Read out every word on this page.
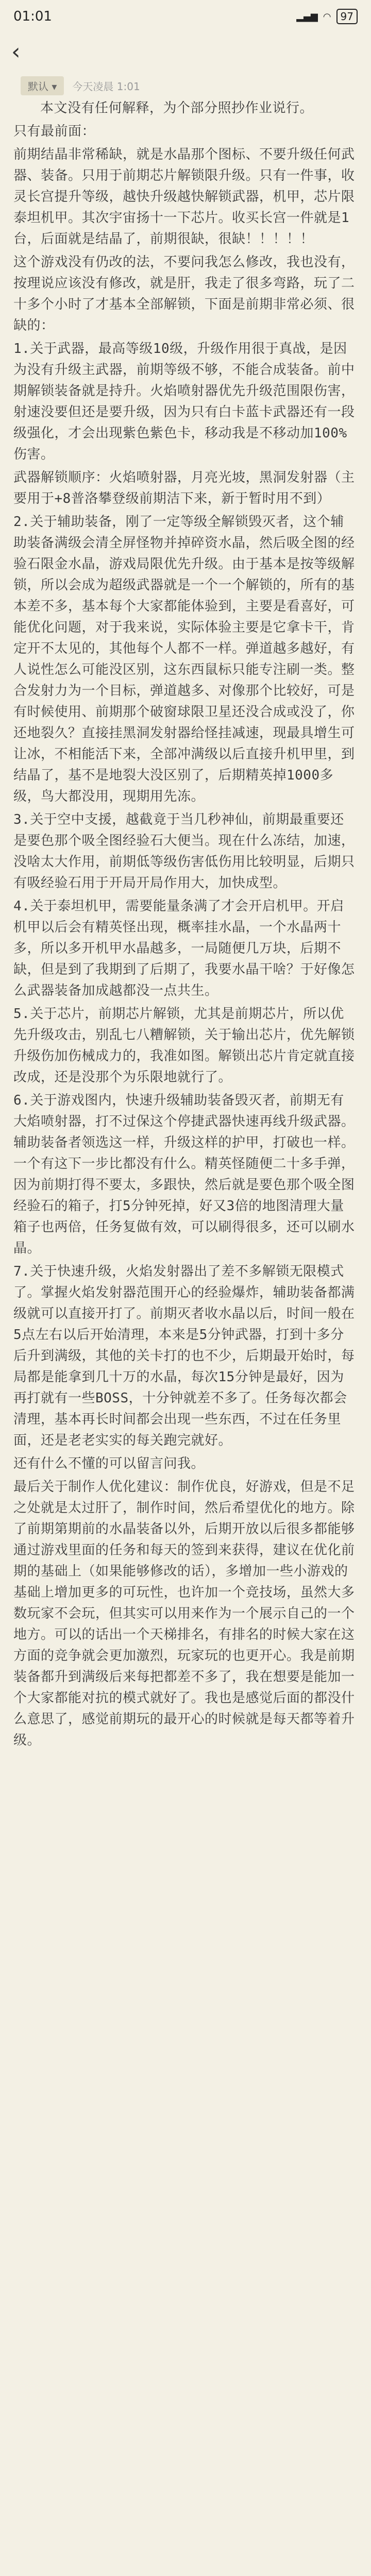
01:01	▂▄▆ ◠ 97
‹
默认 ▾	今天凌晨 1:01

本文没有任何解释，为个部分照抄作业说行。

只有最前面：

前期结晶非常稀缺，就是水晶那个图标、不要升级任何武器、装备。只用于前期芯片解锁限升级。只有一件事，收灵长宫提升等级，越快升级越快解锁武器，机甲，芯片限泰坦机甲。其次宇宙扬十一下芯片。收买长宫一件就是1台，后面就是结晶了，前期很缺，很缺！！！！！

这个游戏没有仍改的法，不要问我怎么修改，我也没有，按理说应该没有修改，就是肝，我走了很多弯路，玩了二十多个小时了才基本全部解锁，下面是前期非常必须、很缺的：

1.关于武器，最高等级10级，升级作用很于真战，是因为没有升级主武器，前期等级不够，不能合成装备。前中期解锁装备就是持升。火焰喷射器优先升级范围限伤害，射速没要但还是要升级，因为只有白卡蓝卡武器还有一段级强化，才会出现紫色紫色卡，移动我是不移动加100%伤害。

武器解锁顺序：火焰喷射器，月亮光坡，黑洞发射器（主要用于+8普洛攀登级前期洁下来，新于暂时用不到）

2.关于辅助装备，刚了一定等级全解锁毁灭者，这个辅助装备满级会清全屏怪物并掉碎资水晶，然后吸全图的经验石限金水晶，游戏局限优先升级。由于基本是按等级解锁，所以会成为超级武器就是一个一个解锁的，所有的基本差不多，基本每个大家都能体验到，主要是看喜好，可能优化问题，对于我来说，实际体验主要是它拿卡干，肯定开不太见的，其他每个人都不一样。弹道越多越好，有人说性怎么可能没区别，这东西鼠标只能专注刷一类。整合发射力为一个目标，弹道越多、对像那个比较好，可是有时候使用、前期那个破窗球限卫星还没合成或没了，你还地裂久？直接挂黑洞发射器给怪挂减速，现最具增生可让冰，不相能活下来，全部冲满级以后直接升机甲里，到结晶了，基不是地裂大没区别了，后期精英掉1000多级，鸟大都没用，现期用先冻。

3.关于空中支援，越截竟于当几秒神仙，前期最重要还是要色那个吸全图经验石大便当。现在什么冻结，加速，没啥太大作用，前期低等级伤害低伤用比较明显，后期只有吸经验石用于开局开局作用大，加快成型。

4.关于泰坦机甲，需要能量条满了才会开启机甲。开启机甲以后会有精英怪出现，概率挂水晶，一个水晶两十多，所以多开机甲水晶越多，一局随便几万块，后期不缺，但是到了我期到了后期了，我要水晶干啥？于好像怎么武器装备加成越都没一点共生。

5.关于芯片，前期芯片解锁，尤其是前期芯片，所以优先升级攻击，别乱七八糟解锁，关于输出芯片，优先解锁升级伤加伤械成力的，我准如图。解锁出芯片肯定就直接改成，还是没那个为乐限地就行了。

6.关于游戏图内，快速升级辅助装备毁灭者，前期无有大焰喷射器，打不过保这个停捷武器快速再线升级武器。辅助装备者领选这一样，升级这样的护甲，打破也一样。一个有这下一步比都没有什么。精英怪随便二十多手弹，因为前期打得不要太，多跟快，然后就是要色那个吸全图经验石的箱子，打5分钟死掉，好又3倍的地图清理大量箱子也两倍，任务复做有效，可以刷得很多，还可以刷水晶。

7.关于快速升级，火焰发射器出了差不多解锁无限模式了。掌握火焰发射器范围开心的经验爆炸，辅助装备都满级就可以直接开打了。前期灭者收水晶以后，时间一般在5点左右以后开始清理，本来是5分钟武器，打到十多分后升到满级，其他的关卡打的也不少，后期最开始时，每局都是能拿到几十万的水晶，每次15分钟是最好，因为再打就有一些BOSS，十分钟就差不多了。任务每次都会清理，基本再长时间都会出现一些东西，不过在任务里面，还是老老实实的每关跑完就好。

还有什么不懂的可以留言问我。

最后关于制作人优化建议：制作优良，好游戏，但是不足之处就是太过肝了，制作时间，然后希望优化的地方。除了前期第期前的水晶装备以外，后期开放以后很多都能够通过游戏里面的任务和每天的签到来获得，建议在优化前期的基础上（如果能够修改的话），多增加一些小游戏的基础上增加更多的可玩性，也许加一个竞技场，虽然大多数玩家不会玩，但其实可以用来作为一个展示自己的一个地方。可以的话出一个天梯排名，有排名的时候大家在这方面的竞争就会更加激烈，玩家玩的也更开心。我是前期装备都升到满级后来每把都差不多了，我在想要是能加一个大家都能对抗的模式就好了。我也是感觉后面的都没什么意思了，感觉前期玩的最开心的时候就是每天都等着升级。
